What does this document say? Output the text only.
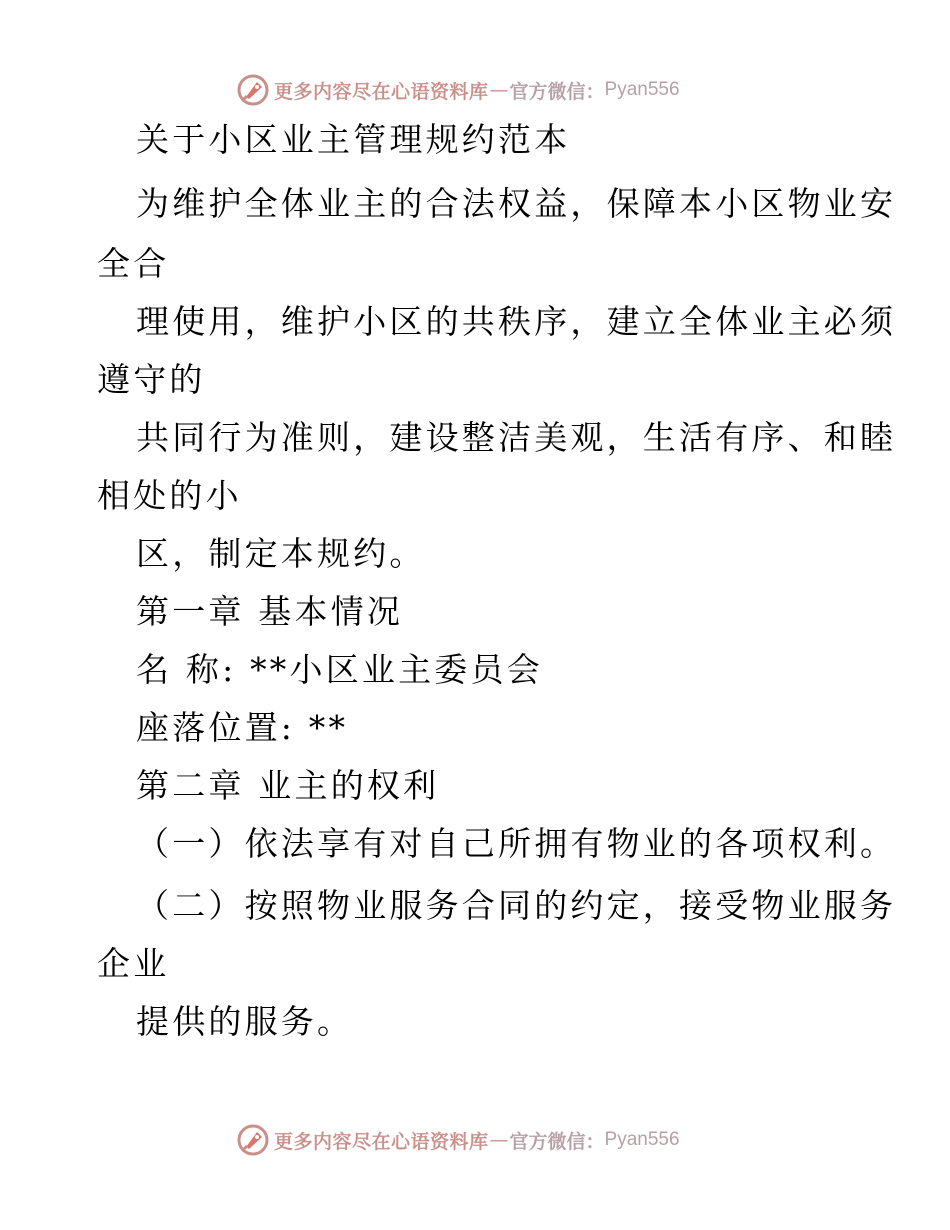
更多内容尽在心语资料库 — 官方微信： Pyan556
关于小区业主管理规约范本
为维护全体业主的合法权益，保障本小区物业安
全合
理使用，维护小区的共秩序，建立全体业主必须
遵守的
共同行为准则，建设整洁美观，生活有序、和睦
相处的小
区，制定本规约。
第一章 基本情况
名 称: **小区业主委员会
座落位置: **
第二章 业主的权利
（一）依法享有对自己所拥有物业的各项权利。
（二）按照物业服务合同的约定，接受物业服务
企业
提供的服务。
更多内容尽在心语资料库 — 官方微信： Pyan556
